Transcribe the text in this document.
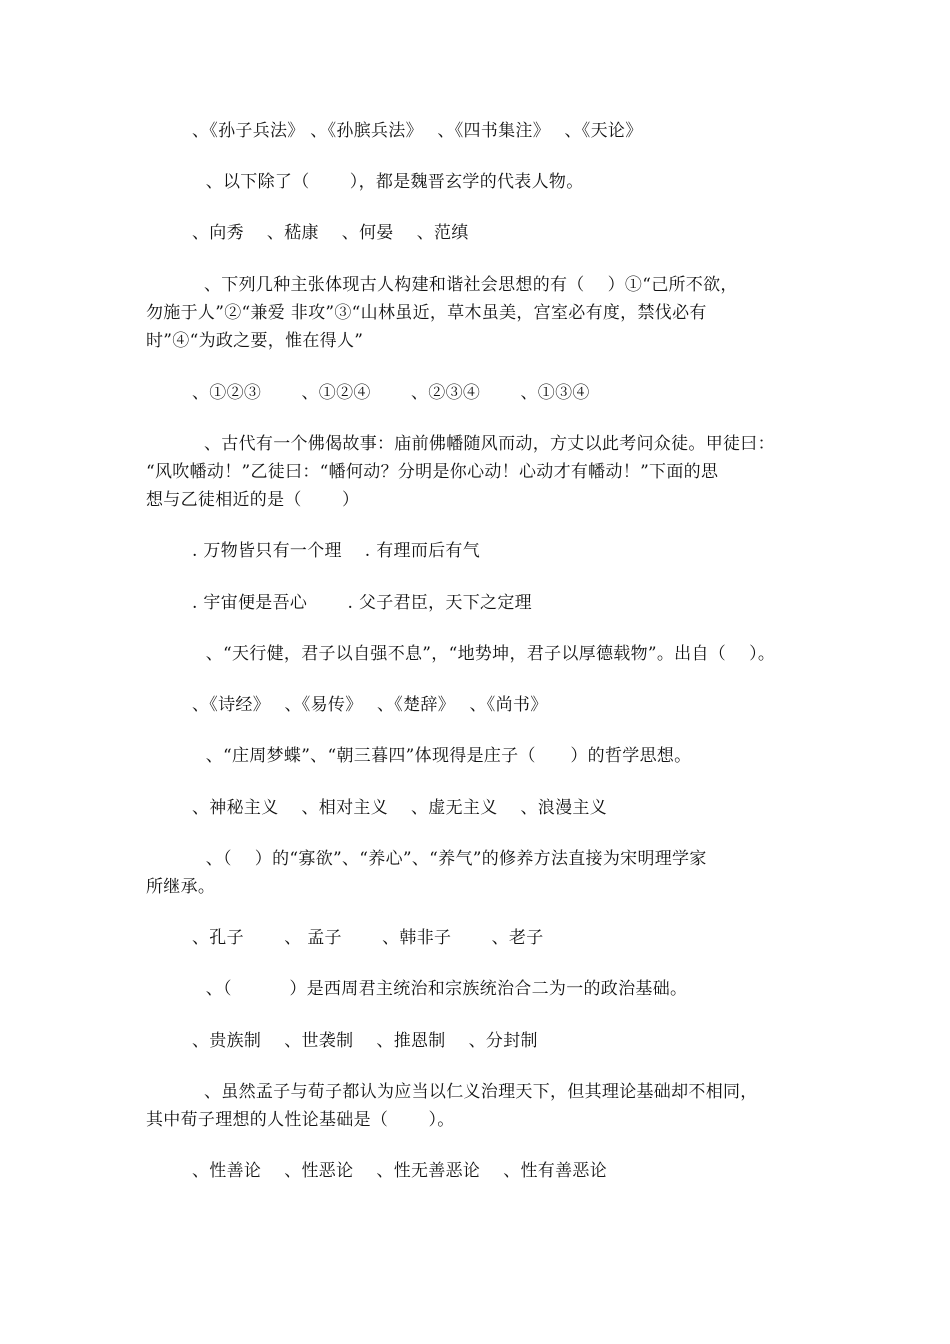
、《孙子兵法》 、《孙膑兵法》　 、《四书集注》　 、《天论》
、以下除了（　　 ），都是魏晋玄学的代表人物。
、向秀　 、嵇康　 、何晏　 、范缜
、下列几种主张体现古人构建和谐社会思想的有（　 ）①“己所不欲，
勿施于人”②“兼爱 非攻”③“山林虽近，草木虽美，宫室必有度，禁伐必有
时”④“为政之要，惟在得人”
、①②③　　 、①②④　　 、②③④　　 、①③④
、古代有一个佛偈故事：庙前佛幡随风而动，方丈以此考问众徒。甲徒曰：
“风吹幡动！”乙徒曰：“幡何动？分明是你心动！心动才有幡动！”下面的思
想与乙徒相近的是（　　 ）
. 万物皆只有一个理　 . 有理而后有气
. 宇宙便是吾心　　 . 父子君臣，天下之定理
、“天行健，君子以自强不息”，“地势坤，君子以厚德载物”。出自（　 ）。
、《诗经》　 、《易传》　 、《楚辞》　 、《尚书》
、“庄周梦蝶”、“朝三暮四”体现得是庄子（　　）的哲学思想。
、神秘主义　 、相对主义　 、虚无主义　 、浪漫主义
、（　 ）的“寡欲”、“养心”、“养气”的修养方法直接为宋明理学家
所继承。
、孔子　　 、 孟子　　 、韩非子　　 、老子
、（　　　 ）是西周君主统治和宗族统治合二为一的政治基础。
、贵族制　 、世袭制　 、推恩制　 、分封制
、虽然孟子与荀子都认为应当以仁义治理天下，但其理论基础却不相同，
其中荀子理想的人性论基础是（　　 ）。
、性善论　 、性恶论　 、性无善恶论　 、性有善恶论
